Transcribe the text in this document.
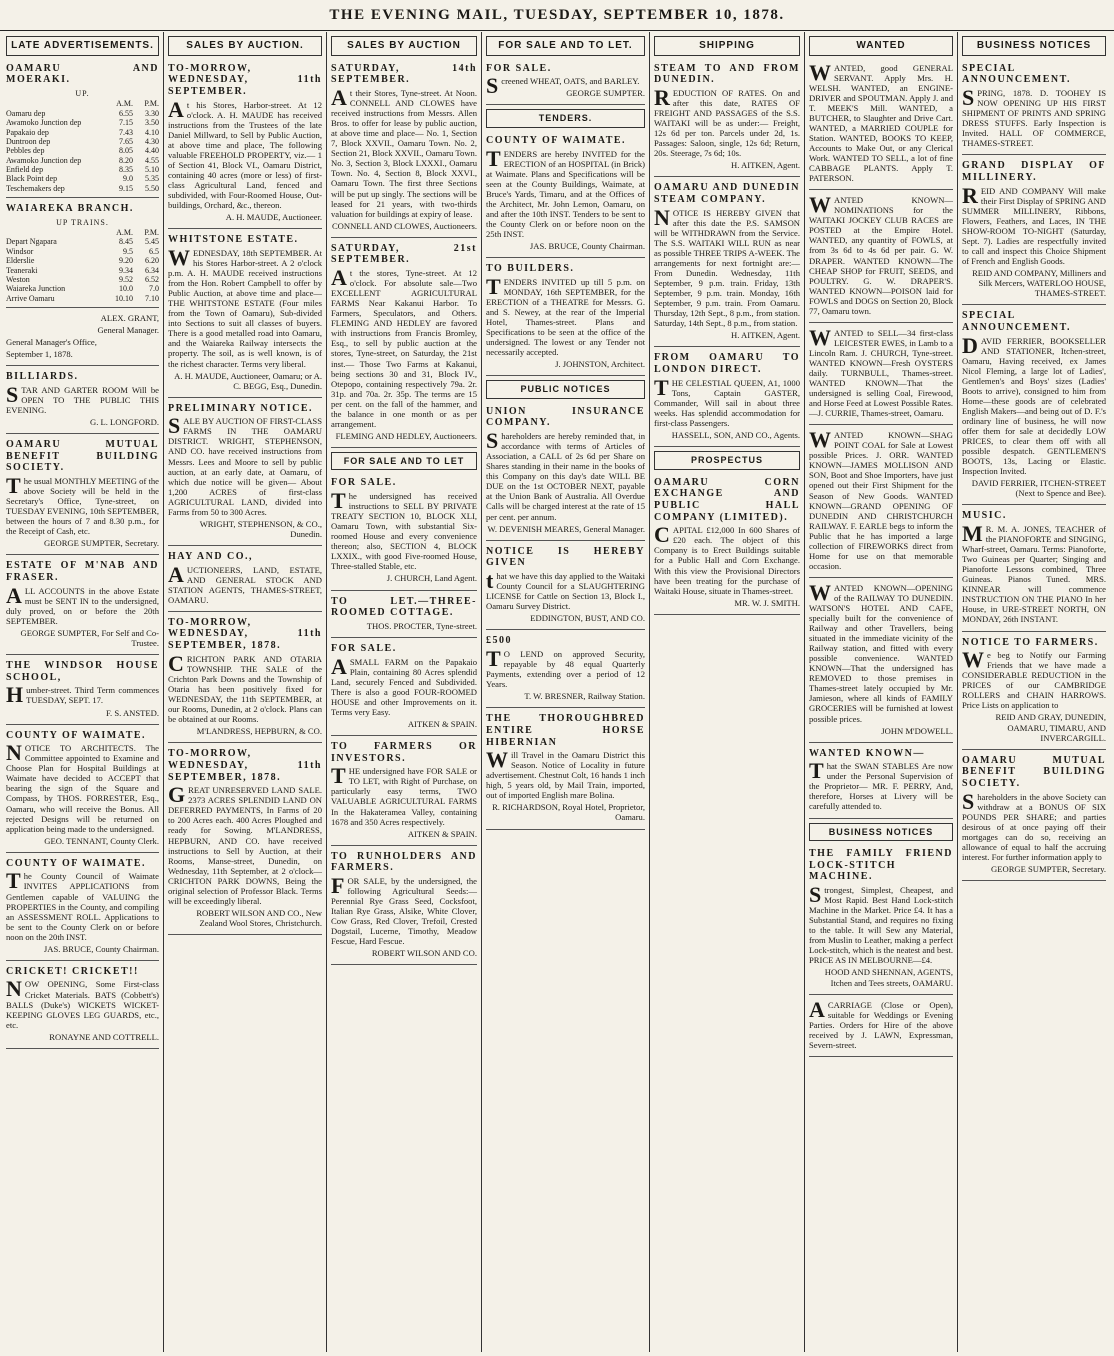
THE EVENING MAIL, TUESDAY, SEPTEMBER 10, 1878.
LATE ADVERTISEMENTS.

OAMARU AND MOERAKI.

UP.
	A.M.	P.M.
Oamaru dep	6.55	3.30
Awamoko Junction dep	7.15	3.50
Papakaio dep	7.43	4.10
Duntroon dep	7.65	4.30
Pebbles dep	8.05	4.40
Awamoko Junction dep	8.20	4.55
Enfield dep	8.35	5.10
Black Point dep	9.0	5.35
Teschemakers dep	9.15	5.50

WAIAREKA BRANCH.

UP TRAINS.
	A.M.	P.M.
Depart Ngapara	8.45	5.45
Windsor	9.5	6.5
Elderslie	9.20	6.20
Teaneraki	9.34	6.34
Weston	9.52	6.52
Waiareka Junction	10.0	7.0
Arrive Oamaru	10.10	7.10

ALEX. GRANT,

General Manager.

General Manager's Office,

September 1, 1878.

BILLIARDS.

STAR AND GARTER ROOM Will be OPEN TO THE PUBLIC THIS EVENING.

G. L. LONGFORD.

OAMARU MUTUAL BENEFIT BUILDING SOCIETY.

The usual MONTHLY MEETING of the above Society will be held in the Secretary's Office, Tyne-street, on TUESDAY EVENING, 10th SEPTEMBER, between the hours of 7 and 8.30 p.m., for the Receipt of Cash, etc.

GEORGE SUMPTER, Secretary.

ESTATE OF M'NAB AND FRASER.

ALL ACCOUNTS in the above Estate must be SENT IN to the undersigned, duly proved, on or before the 20th SEPTEMBER.

GEORGE SUMPTER, For Self and Co-Trustee.

THE WINDSOR HOUSE SCHOOL,

Humber-street. Third Term commences TUESDAY, SEPT. 17.

F. S. ANSTED.

COUNTY OF WAIMATE.

NOTICE TO ARCHITECTS. The Committee appointed to Examine and Choose Plan for Hospital Buildings at Waimate have decided to ACCEPT that bearing the sign of the Square and Compass, by THOS. FORRESTER, Esq., Oamaru, who will receive the Bonus. All rejected Designs will be returned on application being made to the undersigned.

GEO. TENNANT, County Clerk.

COUNTY OF WAIMATE.

The County Council of Waimate INVITES APPLICATIONS from Gentlemen capable of VALUING the PROPERTIES in the County, and compiling an ASSESSMENT ROLL. Applications to be sent to the County Clerk on or before noon on the 20th INST.

JAS. BRUCE, County Chairman.

CRICKET! CRICKET!!

NOW OPENING, Some First-class Cricket Materials. BATS (Cobbett's) BALLS (Duke's) WICKETS WICKET-KEEPING GLOVES LEG GUARDS, etc., etc.

RONAYNE AND COTTRELL.

SALES BY AUCTION.

TO-MORROW, WEDNESDAY, 11th SEPTEMBER.

At his Stores, Harbor-street. At 12 o'clock. A. H. MAUDE has received instructions from the Trustees of the late Daniel Millward, to Sell by Public Auction, at above time and place, The following valuable FREEHOLD PROPERTY, viz.— 1 of Section 41, Block VI., Oamaru District, containing 40 acres (more or less) of first-class Agricultural Land, fenced and subdivided, with Four-Roomed House, Out-buildings, Orchard, &c., thereon.

A. H. MAUDE, Auctioneer.

WHITSTONE ESTATE.

WEDNESDAY, 18th SEPTEMBER. At his Stores Harbor-street. A 2 o'clock p.m. A. H. MAUDE received instructions from the Hon. Robert Campbell to offer by Public Auction, at above time and place— THE WHITSTONE ESTATE (Four miles from the Town of Oamaru), Sub-divided into Sections to suit all classes of buyers. There is a good metalled road into Oamaru, and the Waiareka Railway intersects the property. The soil, as is well known, is of the richest character. Terms very liberal.

A. H. MAUDE, Auctioneer, Oamaru; or A. C. BEGG, Esq., Dunedin.

PRELIMINARY NOTICE.

SALE BY AUCTION OF FIRST-CLASS FARMS IN THE OAMARU DISTRICT. WRIGHT, STEPHENSON, AND CO. have received instructions from Messrs. Lees and Moore to sell by public auction, at an early date, at Oamaru, of which due notice will be given— About 1,200 ACRES of first-class AGRICULTURAL LAND, divided into Farms from 50 to 300 Acres.

WRIGHT, STEPHENSON, & CO., Dunedin.

HAY AND CO.,

AUCTIONEERS, LAND, ESTATE, AND GENERAL STOCK AND STATION AGENTS, THAMES-STREET, OAMARU.

TO-MORROW, WEDNESDAY, 11th SEPTEMBER, 1878.

CRICHTON PARK AND OTARIA TOWNSHIP. THE SALE of the Crichton Park Downs and the Township of Otaria has been positively fixed for WEDNESDAY, the 11th SEPTEMBER, at our Rooms, Dunedin, at 2 o'clock. Plans can be obtained at our Rooms.

M'LANDRESS, HEPBURN, & CO.

TO-MORROW, WEDNESDAY, 11th SEPTEMBER, 1878.

GREAT UNRESERVED LAND SALE. 2373 ACRES SPLENDID LAND ON DEFERRED PAYMENTS, In Farms of 20 to 200 Acres each. 400 Acres Ploughed and ready for Sowing. M'LANDRESS, HEPBURN, AND CO. have received instructions to Sell by Auction, at their Rooms, Manse-street, Dunedin, on Wednesday, 11th September, at 2 o'clock— CRICHTON PARK DOWNS, Being the original selection of Professor Black. Terms will be exceedingly liberal.

ROBERT WILSON AND CO., New Zealand Wool Stores, Christchurch.

SALES BY AUCTION

SATURDAY, 14th SEPTEMBER.

At their Stores, Tyne-street. At Noon. CONNELL AND CLOWES have received instructions from Messrs. Allen Bros. to offer for lease by public auction, at above time and place— No. 1, Section 7, Block XXVII., Oamaru Town. No. 2, Section 21, Block XXVII., Oamaru Town. No. 3, Section 3, Block LXXXI., Oamaru Town. No. 4, Section 8, Block XXVI., Oamaru Town. The first three Sections will be put up singly. The sections will be leased for 21 years, with two-thirds valuation for buildings at expiry of lease.

CONNELL AND CLOWES, Auctioneers.

SATURDAY, 21st SEPTEMBER.

At the stores, Tyne-street. At 12 o'clock. For absolute sale—Two EXCELLENT AGRICULTURAL FARMS Near Kakanui Harbor. To Farmers, Speculators, and Others. FLEMING AND HEDLEY are favored with instructions from Francis Bromley, Esq., to sell by public auction at the stores, Tyne-street, on Saturday, the 21st inst.— Those Two Farms at Kakanui, being sections 30 and 31, Block IV., Otepopo, containing respectively 79a. 2r. 31p. and 70a. 2r. 35p. The terms are 15 per cent. on the fall of the hammer, and the balance in one month or as per arrangement.

FLEMING AND HEDLEY, Auctioneers.

FOR SALE AND TO LET

FOR SALE.

The undersigned has received instructions to SELL BY PRIVATE TREATY SECTION 10, BLOCK XLI, Oamaru Town, with substantial Six-roomed House and every convenience thereon; also, SECTION 4, BLOCK LXXIX., with good Five-roomed House, Three-stalled Stable, etc.

J. CHURCH, Land Agent.

TO LET.—THREE-ROOMED COTTAGE.

THOS. PROCTER, Tyne-street.

FOR SALE.

ASMALL FARM on the Papakaio Plain, containing 80 Acres splendid Land, securely Fenced and Subdivided. There is also a good FOUR-ROOMED HOUSE and other Improvements on it. Terms very Easy.

AITKEN & SPAIN.

TO FARMERS OR INVESTORS.

THE undersigned have FOR SALE or TO LET, with Right of Purchase, on particularly easy terms, TWO VALUABLE AGRICULTURAL FARMS In the Hakateramea Valley, containing 1678 and 350 Acres respectively.

AITKEN & SPAIN.

TO RUNHOLDERS AND FARMERS.

FOR SALE, by the undersigned, the following Agricultural Seeds:— Perennial Rye Grass Seed, Cocksfoot, Italian Rye Grass, Alsike, White Clover, Cow Grass, Red Clover, Trefoil, Crested Dogstail, Lucerne, Timothy, Meadow Fescue, Hard Fescue.

ROBERT WILSON AND CO.

FOR SALE AND TO LET.

FOR SALE.

Screened WHEAT, OATS, and BARLEY.

GEORGE SUMPTER.

TENDERS.

COUNTY OF WAIMATE.

TENDERS are hereby INVITED for the ERECTION of an HOSPITAL (in Brick) at Waimate. Plans and Specifications will be seen at the County Buildings, Waimate, at Bruce's Yards, Timaru, and at the Offices of the Architect, Mr. John Lemon, Oamaru, on and after the 10th INST. Tenders to be sent to the County Clerk on or before noon on the 25th INST.

JAS. BRUCE, County Chairman.

TO BUILDERS.

TENDERS INVITED up till 5 p.m. on MONDAY, 16th SEPTEMBER, for the ERECTION of a THEATRE for Messrs. G. and S. Newey, at the rear of the Imperial Hotel, Thames-street. Plans and Specifications to be seen at the office of the undersigned. The lowest or any Tender not necessarily accepted.

J. JOHNSTON, Architect.

PUBLIC NOTICES

UNION INSURANCE COMPANY.

Shareholders are hereby reminded that, in accordance with terms of Articles of Association, a CALL of 2s 6d per Share on Shares standing in their name in the books of this Company on this day's date WILL BE DUE on the 1st OCTOBER NEXT, payable at the Union Bank of Australia. All Overdue Calls will be charged interest at the rate of 15 per cent. per annum.

W. DEVENISH MEARES, General Manager.

NOTICE IS HEREBY GIVEN

that we have this day applied to the Waitaki County Council for a SLAUGHTERING LICENSE for Cattle on Section 13, Block I., Oamaru Survey District.

EDDINGTON, BUST, AND CO.

£500

TO LEND on approved Security, repayable by 48 equal Quarterly Payments, extending over a period of 12 Years.

T. W. BRESNER, Railway Station.

THE THOROUGHBRED ENTIRE HORSE HIBERNIAN

Will Travel in the Oamaru District this Season. Notice of Locality in future advertisement. Chestnut Colt, 16 hands 1 inch high, 5 years old, by Mail Train, imported, out of imported English mare Bolina.

R. RICHARDSON, Royal Hotel, Proprietor, Oamaru.

SHIPPING

STEAM TO AND FROM DUNEDIN.

REDUCTION OF RATES. On and after this date, RATES OF FREIGHT AND PASSAGES of the S.S. WAITAKI will be as under:— Freight, 12s 6d per ton. Parcels under 2d, 1s. Passages: Saloon, single, 12s 6d; Return, 20s. Steerage, 7s 6d; 10s.

H. AITKEN, Agent.

OAMARU AND DUNEDIN STEAM COMPANY.

NOTICE IS HEREBY GIVEN that after this date the P.S. SAMSON will be WITHDRAWN from the Service. The S.S. WAITAKI WILL RUN as near as possible THREE TRIPS A-WEEK. The arrangements for next fortnight are:— From Dunedin. Wednesday, 11th September, 9 p.m. train. Friday, 13th September, 9 p.m. train. Monday, 16th September, 9 p.m. train. From Oamaru. Thursday, 12th Sept., 8 p.m., from station. Saturday, 14th Sept., 8 p.m., from station.

H. AITKEN, Agent.

FROM OAMARU TO LONDON DIRECT.

THE CELESTIAL QUEEN, A1, 1000 Tons, Captain GASTER, Commander, Will sail in about three weeks. Has splendid accommodation for first-class Passengers.

HASSELL, SON, AND CO., Agents.

PROSPECTUS

OAMARU CORN EXCHANGE AND PUBLIC HALL COMPANY (LIMITED).

CAPITAL £12,000 In 600 Shares of £20 each. The object of this Company is to Erect Buildings suitable for a Public Hall and Corn Exchange. With this view the Provisional Directors have been treating for the purchase of Waitaki House, situate in Thames-street.

MR. W. J. SMITH.

WANTED

WANTED, good GENERAL SERVANT. Apply Mrs. H. WELSH. WANTED, an ENGINE-DRIVER and SPOUTMAN. Apply J. and T. MEEK'S Mill. WANTED, a BUTCHER, to Slaughter and Drive Cart. WANTED, a MARRIED COUPLE for Station. WANTED, BOOKS TO KEEP, Accounts to Make Out, or any Clerical Work. WANTED TO SELL, a lot of fine CABBAGE PLANTS. Apply T. PATERSON.

WANTED KNOWN—NOMINATIONS for the WAITAKI JOCKEY CLUB RACES are POSTED at the Empire Hotel. WANTED, any quantity of FOWLS, at from 3s 6d to 4s 6d per pair. G. W. DRAPER. WANTED KNOWN—The CHEAP SHOP for FRUIT, SEEDS, and POULTRY. G. W. DRAPER'S. WANTED KNOWN—POISON laid for FOWLS and DOGS on Section 20, Block 77, Oamaru town.

WANTED to SELL—34 first-class LEICESTER EWES, in Lamb to a Lincoln Ram. J. CHURCH, Tyne-street. WANTED KNOWN—Fresh OYSTERS daily. TURNBULL, Thames-street. WANTED KNOWN—That the undersigned is selling Coal, Firewood, and Horse Feed at Lowest Possible Rates. —J. CURRIE, Thames-street, Oamaru.

WANTED KNOWN—SHAG POINT COAL for Sale at Lowest possible Prices. J. ORR. WANTED KNOWN—JAMES MOLLISON AND SON, Boot and Shoe Importers, have just opened out their First Shipment for the Season of New Goods. WANTED KNOWN—GRAND OPENING OF DUNEDIN AND CHRISTCHURCH RAILWAY. F. EARLE begs to inform the Public that he has imported a large collection of FIREWORKS direct from Home for use on that memorable occasion.

WANTED KNOWN—OPENING of the RAILWAY TO DUNEDIN. WATSON'S HOTEL AND CAFE, specially built for the convenience of Railway and other Travellers, being situated in the immediate vicinity of the Railway station, and fitted with every possible convenience. WANTED KNOWN—That the undersigned has REMOVED to those premises in Thames-street lately occupied by Mr. Jamieson, where all kinds of FAMILY GROCERIES will be furnished at lowest possible prices.

JOHN M'DOWELL.

WANTED KNOWN—

That the SWAN STABLES Are now under the Personal Supervision of the Proprietor— MR. F. PERRY, And, therefore, Horses at Livery will be carefully attended to.

BUSINESS NOTICES

THE FAMILY FRIEND LOCK-STITCH MACHINE.

Strongest, Simplest, Cheapest, and Most Rapid. Best Hand Lock-stitch Machine in the Market. Price £4. It has a Substantial Stand, and requires no fixing to the table. It will Sew any Material, from Muslin to Leather, making a perfect Lock-stitch, which is the neatest and best. PRICE AS IN MELBOURNE—£4.

HOOD AND SHENNAN, AGENTS, Itchen and Tees streets, OAMARU.

ACARRIAGE (Close or Open), suitable for Weddings or Evening Parties. Orders for Hire of the above received by J. LAWN, Expressman, Severn-street.

BUSINESS NOTICES

SPECIAL ANNOUNCEMENT.

SPRING, 1878. D. TOOHEY IS NOW OPENING UP HIS FIRST SHIPMENT OF PRINTS AND SPRING DRESS STUFFS. Early Inspection is Invited. HALL OF COMMERCE, THAMES-STREET.

GRAND DISPLAY OF MILLINERY.

REID AND COMPANY Will make their First Display of SPRING AND SUMMER MILLINERY, Ribbons, Flowers, Feathers, and Laces, IN THE SHOW-ROOM TO-NIGHT (Saturday, Sept. 7). Ladies are respectfully invited to call and inspect this Choice Shipment of French and English Goods.

REID AND COMPANY, Milliners and Silk Mercers, WATERLOO HOUSE, THAMES-STREET.

SPECIAL ANNOUNCEMENT.

DAVID FERRIER, BOOKSELLER AND STATIONER, Itchen-street, Oamaru, Having received, ex James Nicol Fleming, a large lot of Ladies', Gentlemen's and Boys' sizes (Ladies' Boots to arrive), consigned to him from Home—these goods are of celebrated English Makers—and being out of D. F.'s ordinary line of business, he will now offer them for sale at decidedly LOW PRICES, to clear them off with all possible despatch. GENTLEMEN'S BOOTS, 13s, Lacing or Elastic. Inspection Invited.

DAVID FERRIER, ITCHEN-STREET (Next to Spence and Bee).

MUSIC.

MR. M. A. JONES, TEACHER of the PIANOFORTE and SINGING, Wharf-street, Oamaru. Terms: Pianoforte, Two Guineas per Quarter; Singing and Pianoforte Lessons combined, Three Guineas. Pianos Tuned. MRS. KINNEAR will commence INSTRUCTION ON THE PIANO In her House, in URE-STREET NORTH, ON MONDAY, 26th INSTANT.

NOTICE TO FARMERS.

We beg to Notify our Farming Friends that we have made a CONSIDERABLE REDUCTION in the PRICES of our CAMBRIDGE ROLLERS and CHAIN HARROWS. Price Lists on application to

REID AND GRAY, DUNEDIN, OAMARU, TIMARU, AND INVERCARGILL.

OAMARU MUTUAL BENEFIT BUILDING SOCIETY.

Shareholders in the above Society can withdraw at a BONUS OF SIX POUNDS PER SHARE; and parties desirous of at once paying off their mortgages can do so, receiving an allowance of equal to half the accruing interest. For further information apply to

GEORGE SUMPTER, Secretary.
